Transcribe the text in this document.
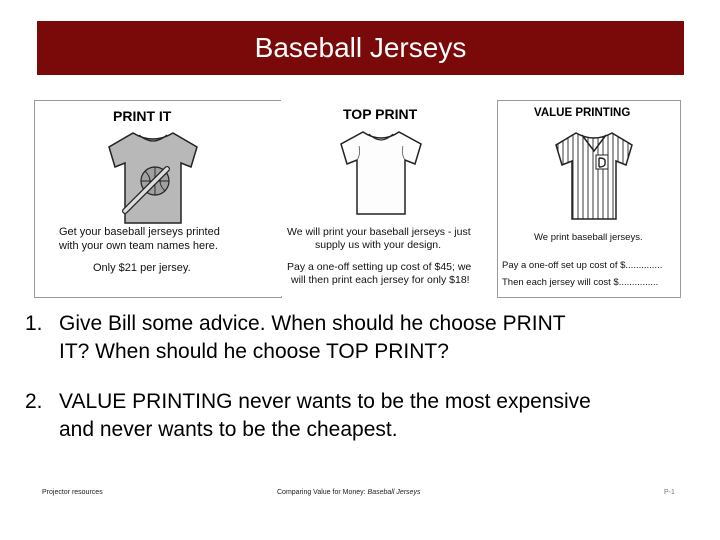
Baseball Jerseys
PRINT IT
Get your baseball jerseys printed
with your own team names here.
Only $21 per jersey.
TOP PRINT
We will print your baseball jerseys - just
supply us with your design.
Pay a one-off setting up cost of $45; we
will then print each jersey for only $18!
VALUE PRINTING
We print baseball jerseys.
Pay a one-off set up cost of $..............
Then each jersey will cost $...............
1. Give Bill some advice. When should he choose PRINT
IT? When should he choose TOP PRINT?
2. VALUE PRINTING never wants to be the most expensive
and never wants to be the cheapest.
Projector resources	Comparing Value for Money: Baseball Jerseys	P-1
